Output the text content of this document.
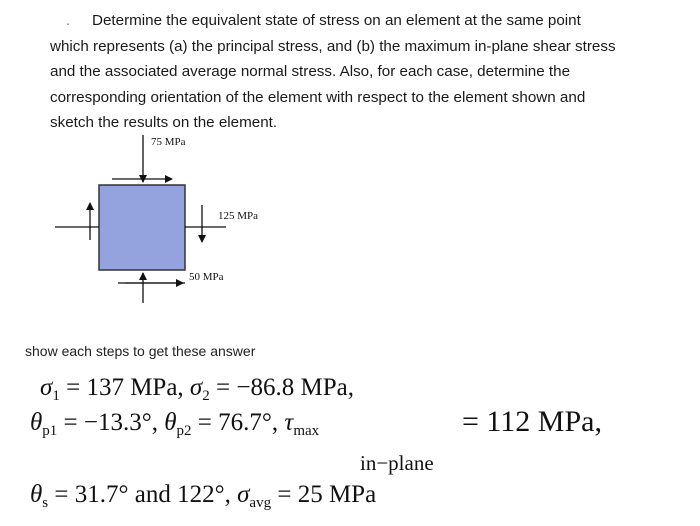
. Determine the equivalent state of stress on an element at the same point
which represents (a) the principal stress, and (b) the maximum in-plane shear stress
and the associated average normal stress. Also, for each case, determine the
corresponding orientation of the element with respect to the element shown and
sketch the results on the element.
75 MPa
50 MPa
125 MPa
show each steps to get these answer
$\sigma_1 = 137$ MPa, $\sigma_2 = -86.8$ MPa,
$\theta_{p1} = -13.3^\circ$, $\theta_{p2} = 76.7^\circ$, $\tau_{max}$	= 112 MPa,
in−plane
$\theta_s = 31.7^\circ$ and 122°, $\sigma_{avg} = 25$ MPa
